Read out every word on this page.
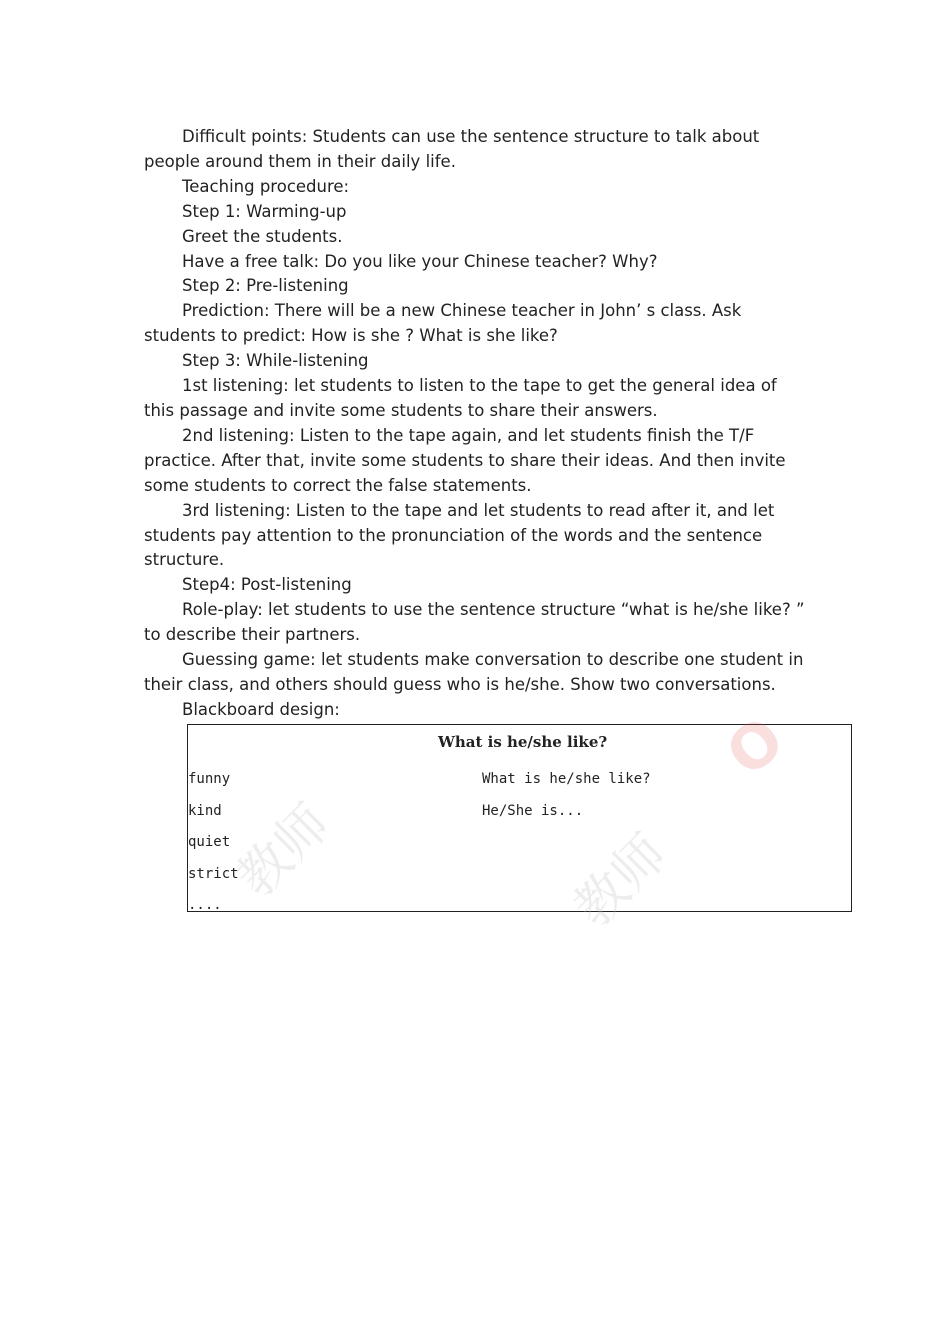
Difficult points: Students can use the sentence structure to talk about people around them in their daily life.

Teaching procedure:

Step 1: Warming-up

Greet the students.

Have a free talk: Do you like your Chinese teacher? Why?

Step 2: Pre-listening

Prediction: There will be a new Chinese teacher in John’ s class. Ask students to predict: How is she ? What is she like?

Step 3: While-listening

1st listening: let students to listen to the tape to get the general idea of this passage and invite some students to share their answers.

2nd listening: Listen to the tape again, and let students finish the T/F practice. After that, invite some students to share their ideas. And then invite some students to correct the false statements.

3rd listening: Listen to the tape and let students to read after it, and let students pay attention to the pronunciation of the words and the sentence structure.

Step4: Post-listening

Role-play: let students to use the sentence structure “what is he/she like? ” to describe their partners.

Guessing game: let students make conversation to describe one student in their class, and others should guess who is he/she. Show two conversations.

Blackboard design:

What is he/she like?
funny
kind
quiet
strict
....
What is he/she like?
He/She is...
教师	教师
O
